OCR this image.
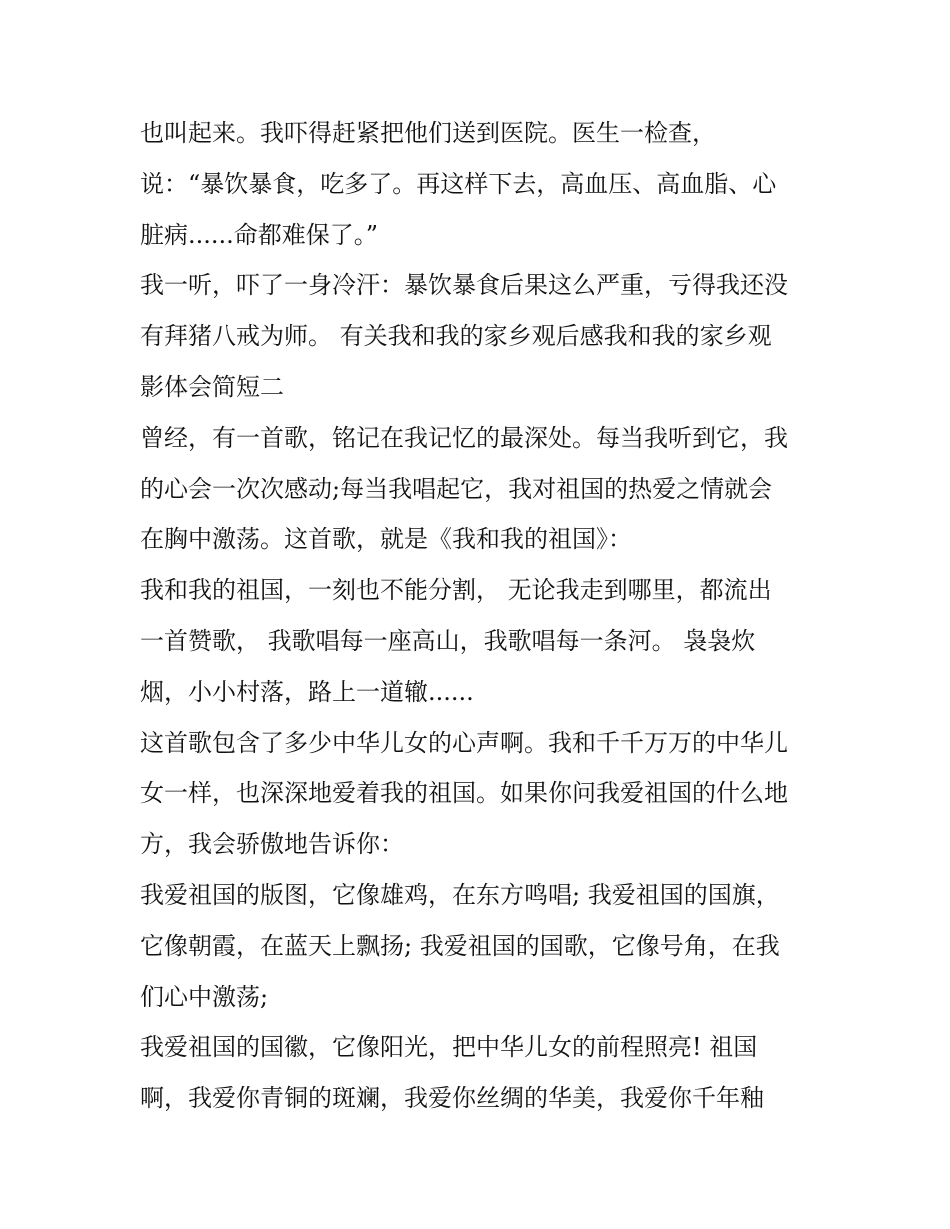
也叫起来。我吓得赶紧把他们送到医院。医生一检查，
说：“暴饮暴食，吃多了。再这样下去，高血压、高血脂、心
脏病......命都难保了。”
我一听，吓了一身冷汗：暴饮暴食后果这么严重，亏得我还没
有拜猪八戒为师。 有关我和我的家乡观后感我和我的家乡观
影体会简短二
曾经，有一首歌，铭记在我记忆的最深处。每当我听到它，我
的心会一次次感动;每当我唱起它，我对祖国的热爱之情就会
在胸中激荡。这首歌，就是《我和我的祖国》：
我和我的祖国，一刻也不能分割， 无论我走到哪里，都流出
一首赞歌， 我歌唱每一座高山，我歌唱每一条河。 袅袅炊
烟，小小村落，路上一道辙......
这首歌包含了多少中华儿女的心声啊。我和千千万万的中华儿
女一样，也深深地爱着我的祖国。如果你问我爱祖国的什么地
方，我会骄傲地告诉你：
我爱祖国的版图，它像雄鸡，在东方鸣唱; 我爱祖国的国旗，
它像朝霞，在蓝天上飘扬; 我爱祖国的国歌，它像号角，在我
们心中激荡;
我爱祖国的国徽，它像阳光，把中华儿女的前程照亮! 祖国
啊，我爱你青铜的斑斓，我爱你丝绸的华美，我爱你千年釉
